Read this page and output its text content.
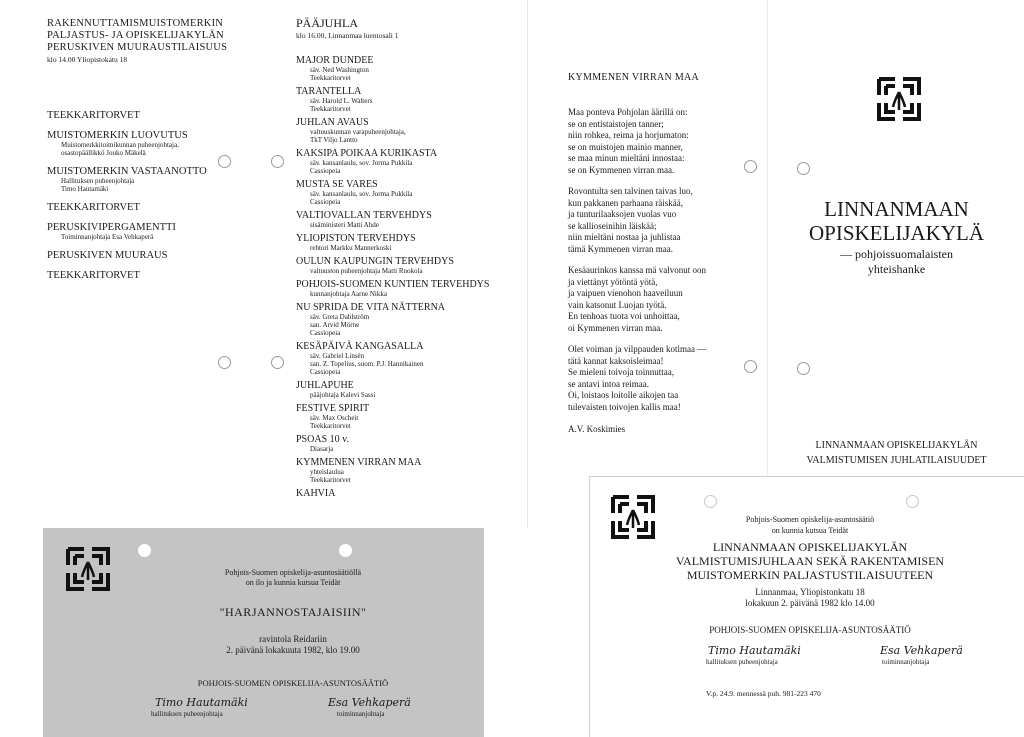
RAKENNUTTAMISMUISTOMERKIN
PALJASTUS- JA OPISKELIJAKYLÄN
PERUSKIVEN MUURAUSTILAISUUS
klo 14.00 Yliopistokatu 18
TEEKKARITORVET
MUISTOMERKIN LUOVUTUS
Muistomerkkitoimikunnan puheenjohtaja,
osastopäällikkö Jouko Mäkelä
MUISTOMERKIN VASTAANOTTO
Hallituksen puheenjohtaja
Timo Hautamäki
TEEKKARITORVET
PERUSKIVIPERGAMENTTI
Toiminnanjohtaja Esa Vehkaperä
PERUSKIVEN MUURAUS
TEEKKARITORVET
PÄÄJUHLA
klo 16.00, Linnanmaa luentosali 1
MAJOR DUNDEE
säv. Ned Washington
Teekkaritorvet
TARANTELLA
säv. Harold L. Walters
Teekkaritorvet
JUHLAN AVAUS
valtuuskunnan varapuheenjohtaja,
TkT Viljo Lantto
KAKSIPA POIKAA KURIKASTA
säv. kansanlaulu, sov. Jorma Pukkila
Cassiopeia
MUSTA SE VARES
säv. kansanlaulu, sov. Jorma Pukkila
Cassiopeia
VALTIOVALLAN TERVEHDYS
sisäministeri Matti Ahde
YLIOPISTON TERVEHDYS
rehtori Markku Mannerkoski
OULUN KAUPUNGIN TERVEHDYS
valtuuston puheenjohtaja Matti Ruokola
POHJOIS-SUOMEN KUNTIEN TERVEHDYS
kunnanjohtaja Aarne Nikka
NU SPRIDA DE VITA NÄTTERNA
säv. Greta Dahlström
san. Arvid Mörne
Cassiopeia
KESÄPÄIVÄ KANGASALLA
säv. Gabriel Linsén
san. Z. Topelius, suom. P.J. Hannikainen
Cassiopeia
JUHLAPUHE
pääjohtaja Kalevi Sassi
FESTIVE SPIRIT
säv. Max Oscheit
Teekkaritorvet
PSOAS 10 v.
Diasarja
KYMMENEN VIRRAN MAA
yhteislaulua
Teekkaritorvet
KAHVIA
KYMMENEN VIRRAN MAA
Maa ponteva Pohjolan äärillä on:
se on entistaistojen tanner;
niin rohkea, reima ja horjumaton:
se on muistojen mainio manner,
se maa minun mieltäni innostaa:
se on Kymmenen virran maa.
Rovontulta sen talvinen taivas luo,
kun pakkanen parhaana räiskää,
ja tunturilaaksojen vuolas vuo
se kallioseinihin läiskää;
niin mieltäni nostaa ja juhlistaa
tämä Kymmenen virran maa.
Kesäaurinkos kanssa mä valvonut oon
ja viettänyt yötöntä yötä,
ja vaipuen vienohon haaveiluun
vain katsonut Luojan työtä.
En tenhoas tuota voi unhoittaa,
oi Kymmenen virran maa.
Olet voiman ja vilppauden kotimaa —
tätä kannat kaksoisleimaa!
Se mieleni toivoja toinnuttaa,
se antavi intoa reimaa.
Oi, loistaos loitolle aikojen taa
tulevaisten toivojen kallis maa!
A.V. Koskimies
LINNANMAAN
OPISKELIJAKYLÄ
— pohjoissuomalaisten
yhteishanke
LINNANMAAN OPISKELIJAKYLÄN
VALMISTUMISEN JUHLATILAISUUDET
Pohjois-Suomen opiskelija-asuntosäätiöllä
on ilo ja kunnia kutsua Teidät
"HARJANNOSTAJAISIIN"
ravintola Reidariin
2. päivänä lokakuuta 1982, klo 19.00
POHJOIS-SUOMEN OPISKELIJA-ASUNTOSÄÄTIÖ
Timo Hautamäki
hallituksen puheenjohtaja
Esa Vehkaperä
toiminnanjohtaja
Pohjois-Suomen opiskelija-asuntosäätiö
on kunnia kutsua Teidät
LINNANMAAN OPISKELIJAKYLÄN
VALMISTUMISJUHLAAN SEKÄ RAKENTAMISEN
MUISTOMERKIN PALJASTUSTILAISUUTEEN
Linnanmaa, Yliopistonkatu 18
lokakuun 2. päivänä 1982 klo 14.00
POHJOIS-SUOMEN OPISKELIJA-ASUNTOSÄÄTIÖ
Timo Hautamäki
hallituksen puheenjohtaja
Esa Vehkaperä
toiminnanjohtaja
V.p. 24.9. mennessä puh. 981-223 470
